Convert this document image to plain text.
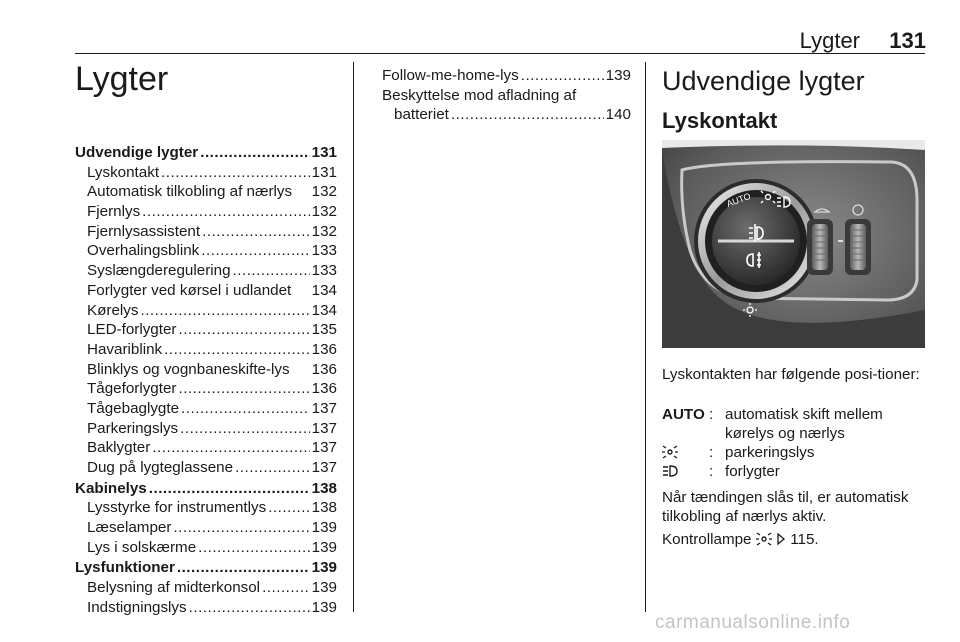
Lygter	131
Lygter
Udvendige lygter .....	131
Lyskontakt .....	131
Automatisk tilkobling af nærlys 132
Fjernlys .....	132
Fjernlysassistent .....	132
Overhalingsblink .....	133
Syslængderegulering .....	133
Forlygter ved kørsel i udlandet 134
Kørelys .....	134
LED-forlygter .....	135
Havariblink .....	136
Blinklys og vognbaneskifte-lys 136
Tågeforlygter .....	136
Tågebaglygte .....	137
Parkeringslys .....	137
Baklygter .....	137
Dug på lygteglassene .....	137
Kabinelys .....	138
Lysstyrke for instrumentlys .....	138
Læselamper .....	139
Lys i solskærme .....	139
Lysfunktioner .....	139
Belysning af midterkonsol .....	139
Indstigningslys .....	139
Follow-me-home-lys .....	139
Beskyttelse mod afladning af
batteriet .....	140
Udvendige lygter
Lyskontakt
AUTO

Lyskontakten har følgende posi-tioner:

AUTO	:	automatisk skift mellem kørelys og nærlys
	:	parkeringslys
	:	forlygter

Når tændingen slås til, er automatisk tilkobling af nærlys aktiv.

Kontrollampe	115.

carmanualsonline.info
